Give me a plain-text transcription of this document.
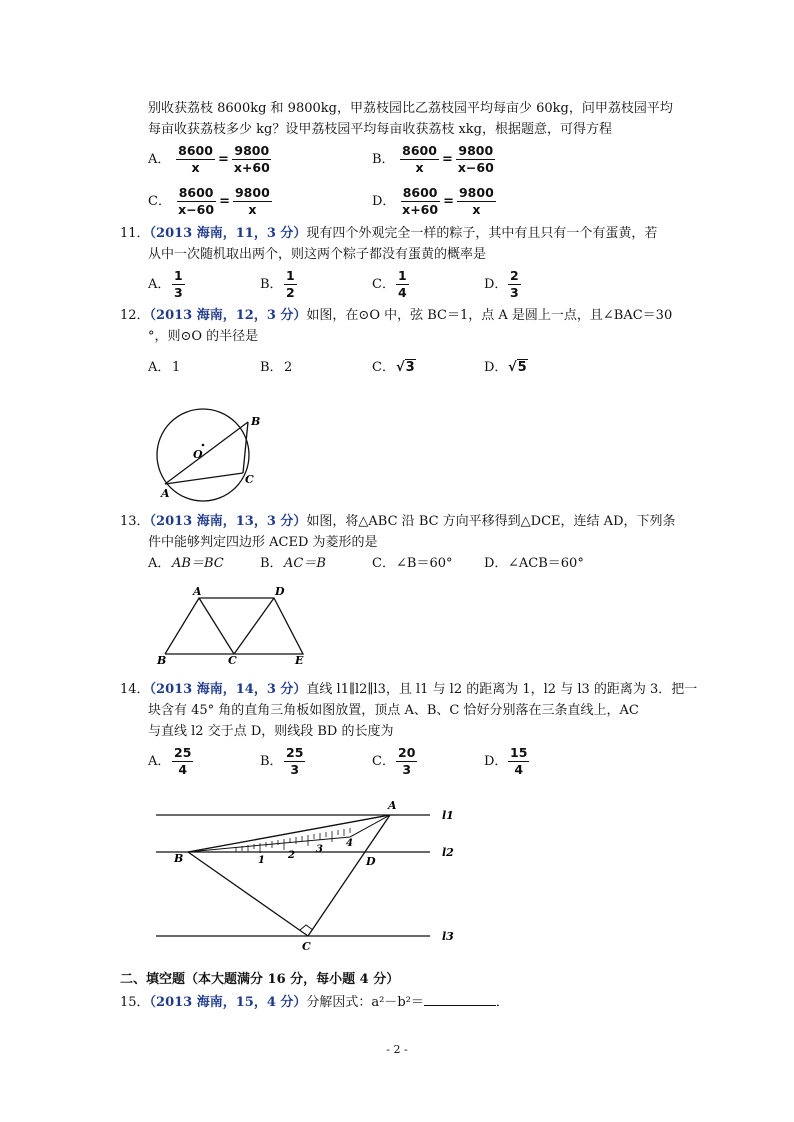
别收获荔枝 8600kg 和 9800kg，甲荔枝园比乙荔枝园平均每亩少 60kg，问甲荔枝园平均
每亩收获荔枝多少 kg？设甲荔枝园平均每亩收获荔枝 xkg，根据题意，可得方程
A． $\frac{8600}{x} = \frac{9800}{x+60}$	B． $\frac{8600}{x} = \frac{9800}{x-60}$
C． $\frac{8600}{x-60} = \frac{9800}{x}$	D． $\frac{8600}{x+60} = \frac{9800}{x}$
11．（2013 海南，11，3 分）现有四个外观完全一样的粽子，其中有且只有一个有蛋黄，若
从中一次随机取出两个，则这两个粽子都没有蛋黄的概率是
A． $\frac{1}{3}$	B． $\frac{1}{2}$	C． $\frac{1}{4}$	D． $\frac{2}{3}$
12．（2013 海南，12，3 分）如图，在⊙O 中，弦 BC＝1，点 A 是圆上一点，且∠BAC＝30
°，则⊙O 的半径是
A． 1	B．2	C．√3	D．√5
B
O
C
A
13．（2013 海南，13，3 分）如图，将△ABC 沿 BC 方向平移得到△DCE，连结 AD，下列条
件中能够判定四边形 ACED 为菱形的是
A． AB＝BC	B．AC＝B	C．∠B＝60° D．∠ACB＝60°
A	D
B	C	E
14．（2013 海南，14，3 分）直线 l1∥l2∥l3，且 l1 与 l2 的距离为 1，l2 与 l3 的距离为 3．把一
块含有 45° 角的直角三角板如图放置，顶点 A、B、C 恰好分别落在三条直线上，AC
与直线 l2 交于点 D，则线段 BD 的长度为
A． $\frac{25}{4}$	B． $\frac{25}{3}$	C． $\frac{20}{3}$	D． $\frac{15}{4}$
1 2
3
4
A
B	D
C
l1
l2
l3
二、填空题（本大题满分 16 分，每小题 4 分）
15．（2013 海南，15，4 分）分解因式：a²－b²＝	．
- 2 -
